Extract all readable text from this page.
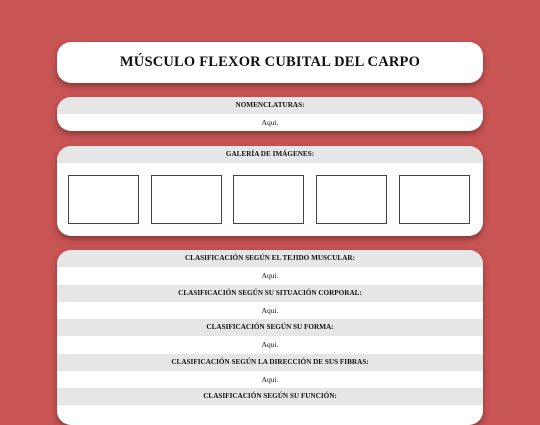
MÚSCULO FLEXOR CUBITAL DEL CARPO
NOMENCLATURAS:
Aqui.
GALERÍA DE IMÁGENES:
CLASIFICACIÓN SEGÚN EL TEJIDO MUSCULAR:
Aqui.
CLASIFICACIÓN SEGÚN SU SITUACIÓN CORPORAL:
Aqui.
CLASIFICACIÓN SEGÚN SU FORMA:
Aqui.
CLASIFICACIÓN SEGÚN LA DIRECCIÓN DE SUS FIBRAS:
Aqui.
CLASIFICACIÓN SEGÚN SU FUNCIÓN:
